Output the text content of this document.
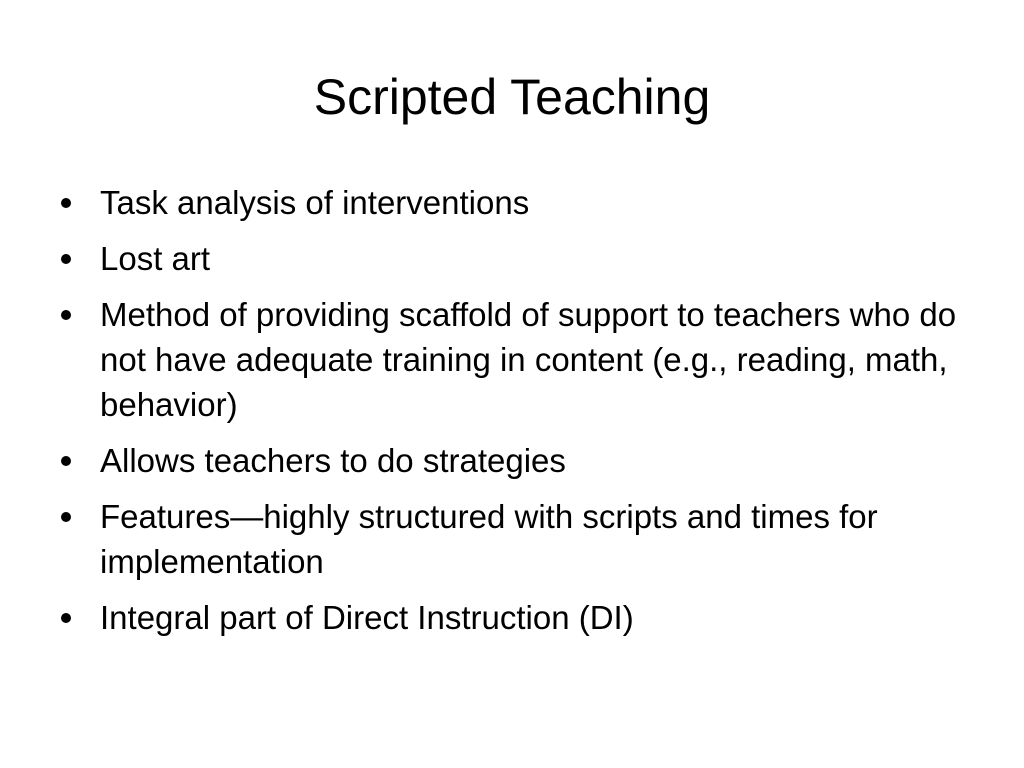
Scripted Teaching
Task analysis of interventions
Lost art
Method of providing scaffold of support to teachers who do not have adequate training in content (e.g., reading, math, behavior)
Allows teachers to do strategies
Features—highly structured with scripts and times for implementation
Integral part of Direct Instruction (DI)
